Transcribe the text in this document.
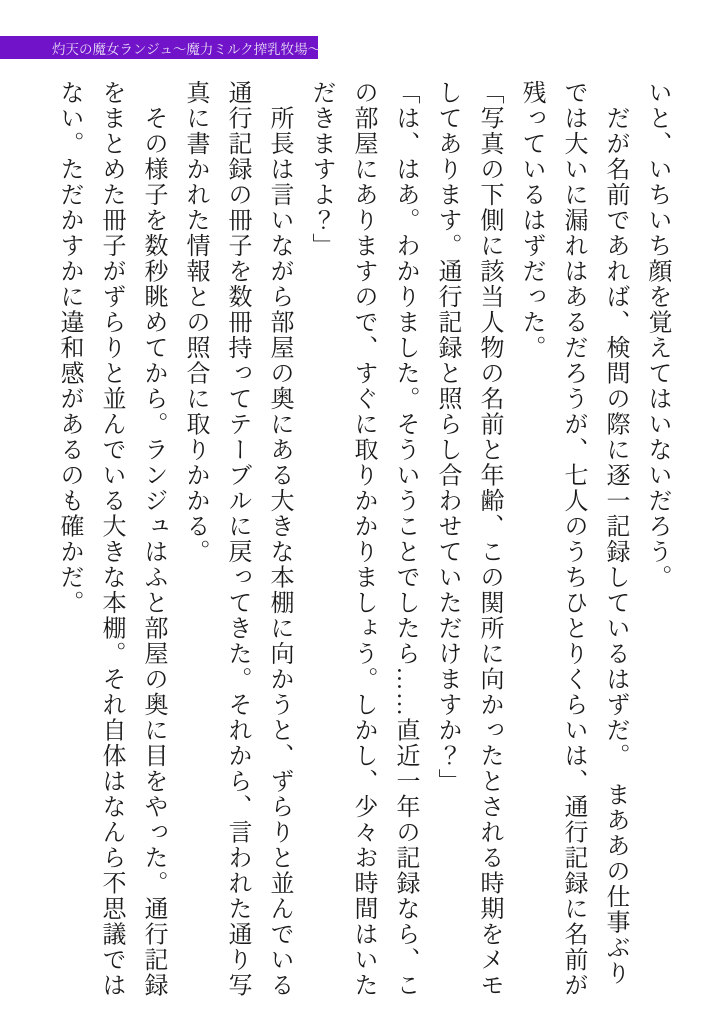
灼天の魔女ランジュ～魔力ミルク搾乳牧場～

いと、いちいち顔を覚えてはいないだろう。

　だが名前であれば、検問の際に逐一記録しているはずだ。　まああの仕事ぶりでは大いに漏れはあるだろうが、七人のうちひとりくらいは、通行記録に名前が残っているはずだった。

「写真の下側に該当人物の名前と年齢、この関所に向かったとされる時期をメモしてあります。通行記録と照らし合わせていただけますか？」

「は、はあ。わかりました。そういうことでしたら……直近一年の記録なら、この部屋にありますので、すぐに取りかかりましょう。しかし、少々お時間はいただきますよ？」

　所長は言いながら部屋の奥にある大きな本棚に向かうと、ずらりと並んでいる通行記録の冊子を数冊持ってテーブルに戻ってきた。それから、言われた通り写真に書かれた情報との照合に取りかかる。

　その様子を数秒眺めてから。ランジュはふと部屋の奥に目をやった。通行記録をまとめた冊子がずらりと並んでいる大きな本棚。それ自体はなんら不思議ではない。ただかすかに違和感があるのも確かだ。
